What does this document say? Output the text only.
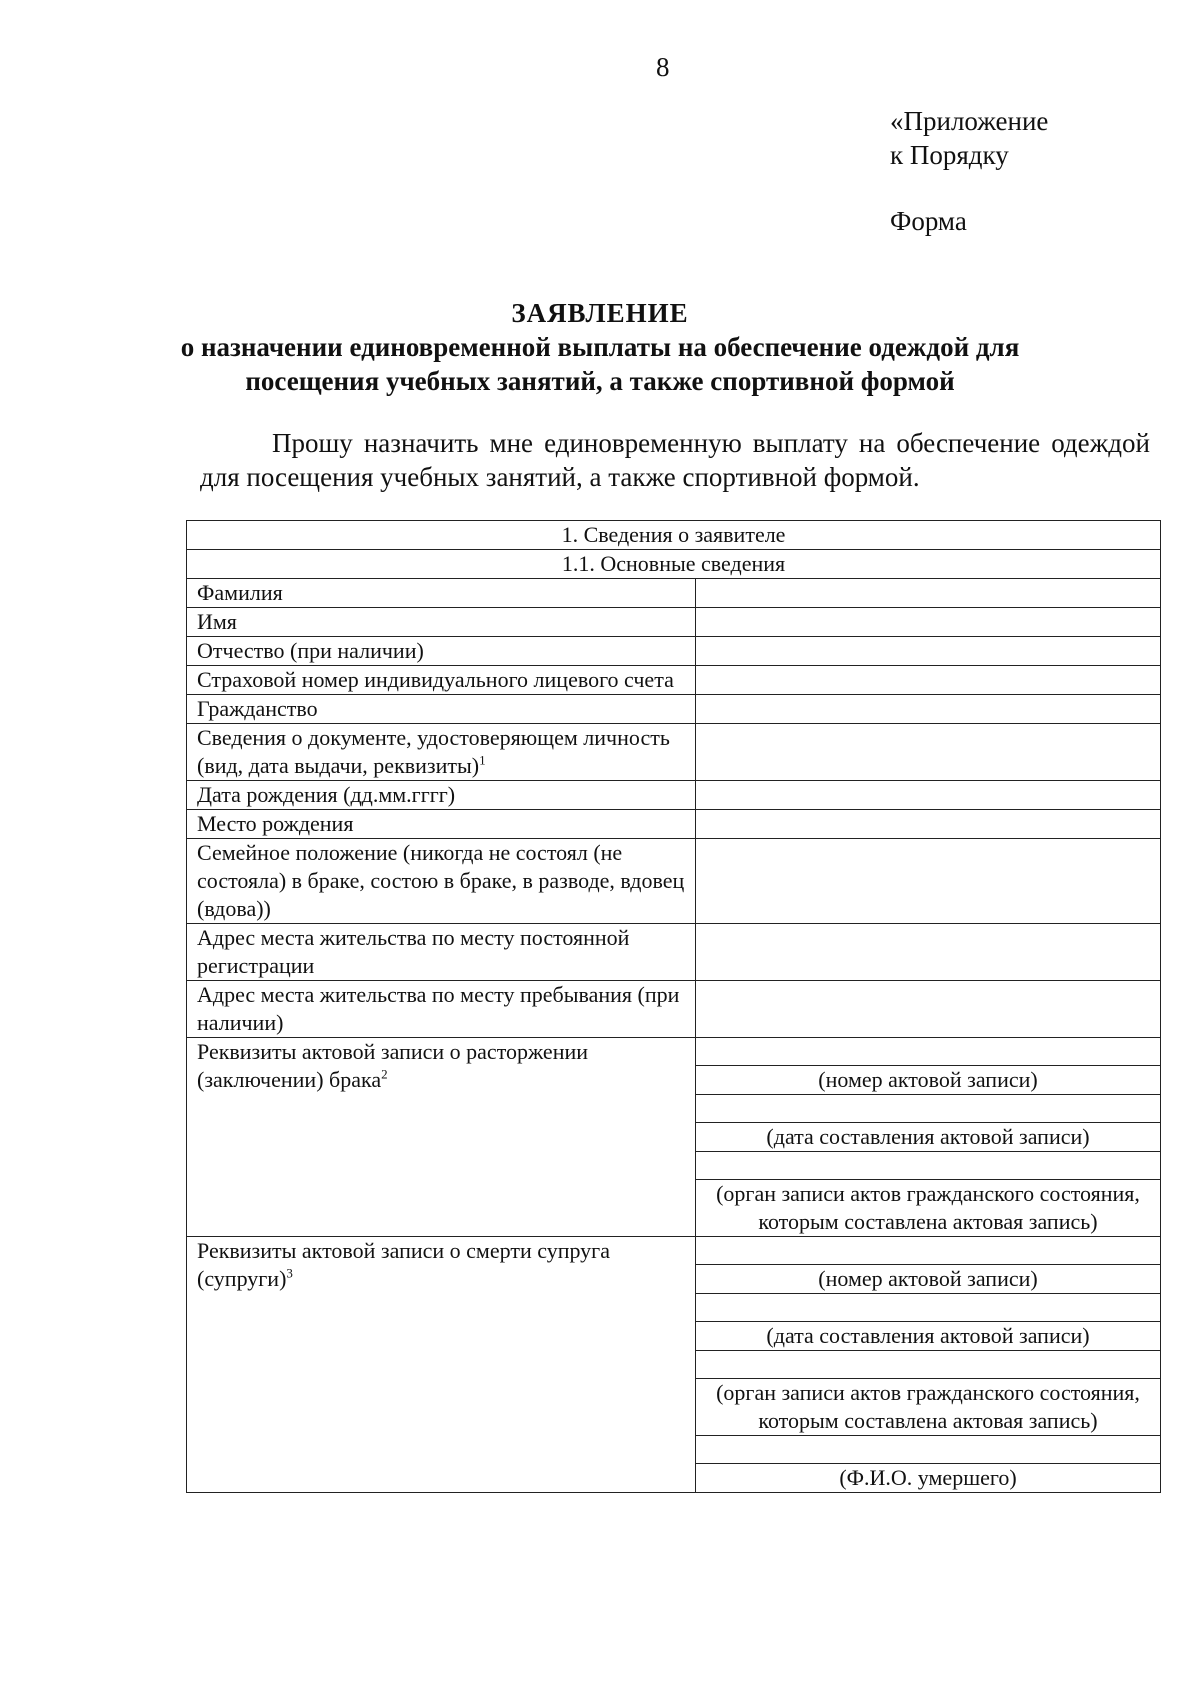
8
«Приложение
к Порядку
Форма
ЗАЯВЛЕНИЕ
о назначении единовременной выплаты на обеспечение одеждой для
посещения учебных занятий, а также спортивной формой
Прошу назначить мне единовременную выплату на обеспечение одеждой для посещения учебных занятий, а также спортивной формой.
1. Сведения о заявителе	
1.1. Основные сведения	
Фамилия	
Имя	
Отчество (при наличии)	
Страховой номер индивидуального лицевого счета	
Гражданство	
Сведения о документе, удостоверяющем личность (вид, дата выдачи, реквизиты)$^1$	
Дата рождения (дд.мм.гггг)	
Место рождения	
Семейное положение (никогда не состоял (не состояла) в браке, состою в браке, в разводе, вдовец (вдова))	
Адрес места жительства по месту постоянной регистрации	
Адрес места жительства по месту пребывания (при наличии)	
Реквизиты актовой записи о расторжении (заключении) брака$^2$	
	(номер актовой записи)

	(дата составления актовой записи)

	(орган записи актов гражданского состояния, которым составлена актовая запись)
Реквизиты актовой записи о смерти супруга (супруги)$^3$	
	(номер актовой записи)

	(дата составления актовой записи)

	(орган записи актов гражданского состояния, которым составлена актовая запись)

	(Ф.И.О. умершего)
